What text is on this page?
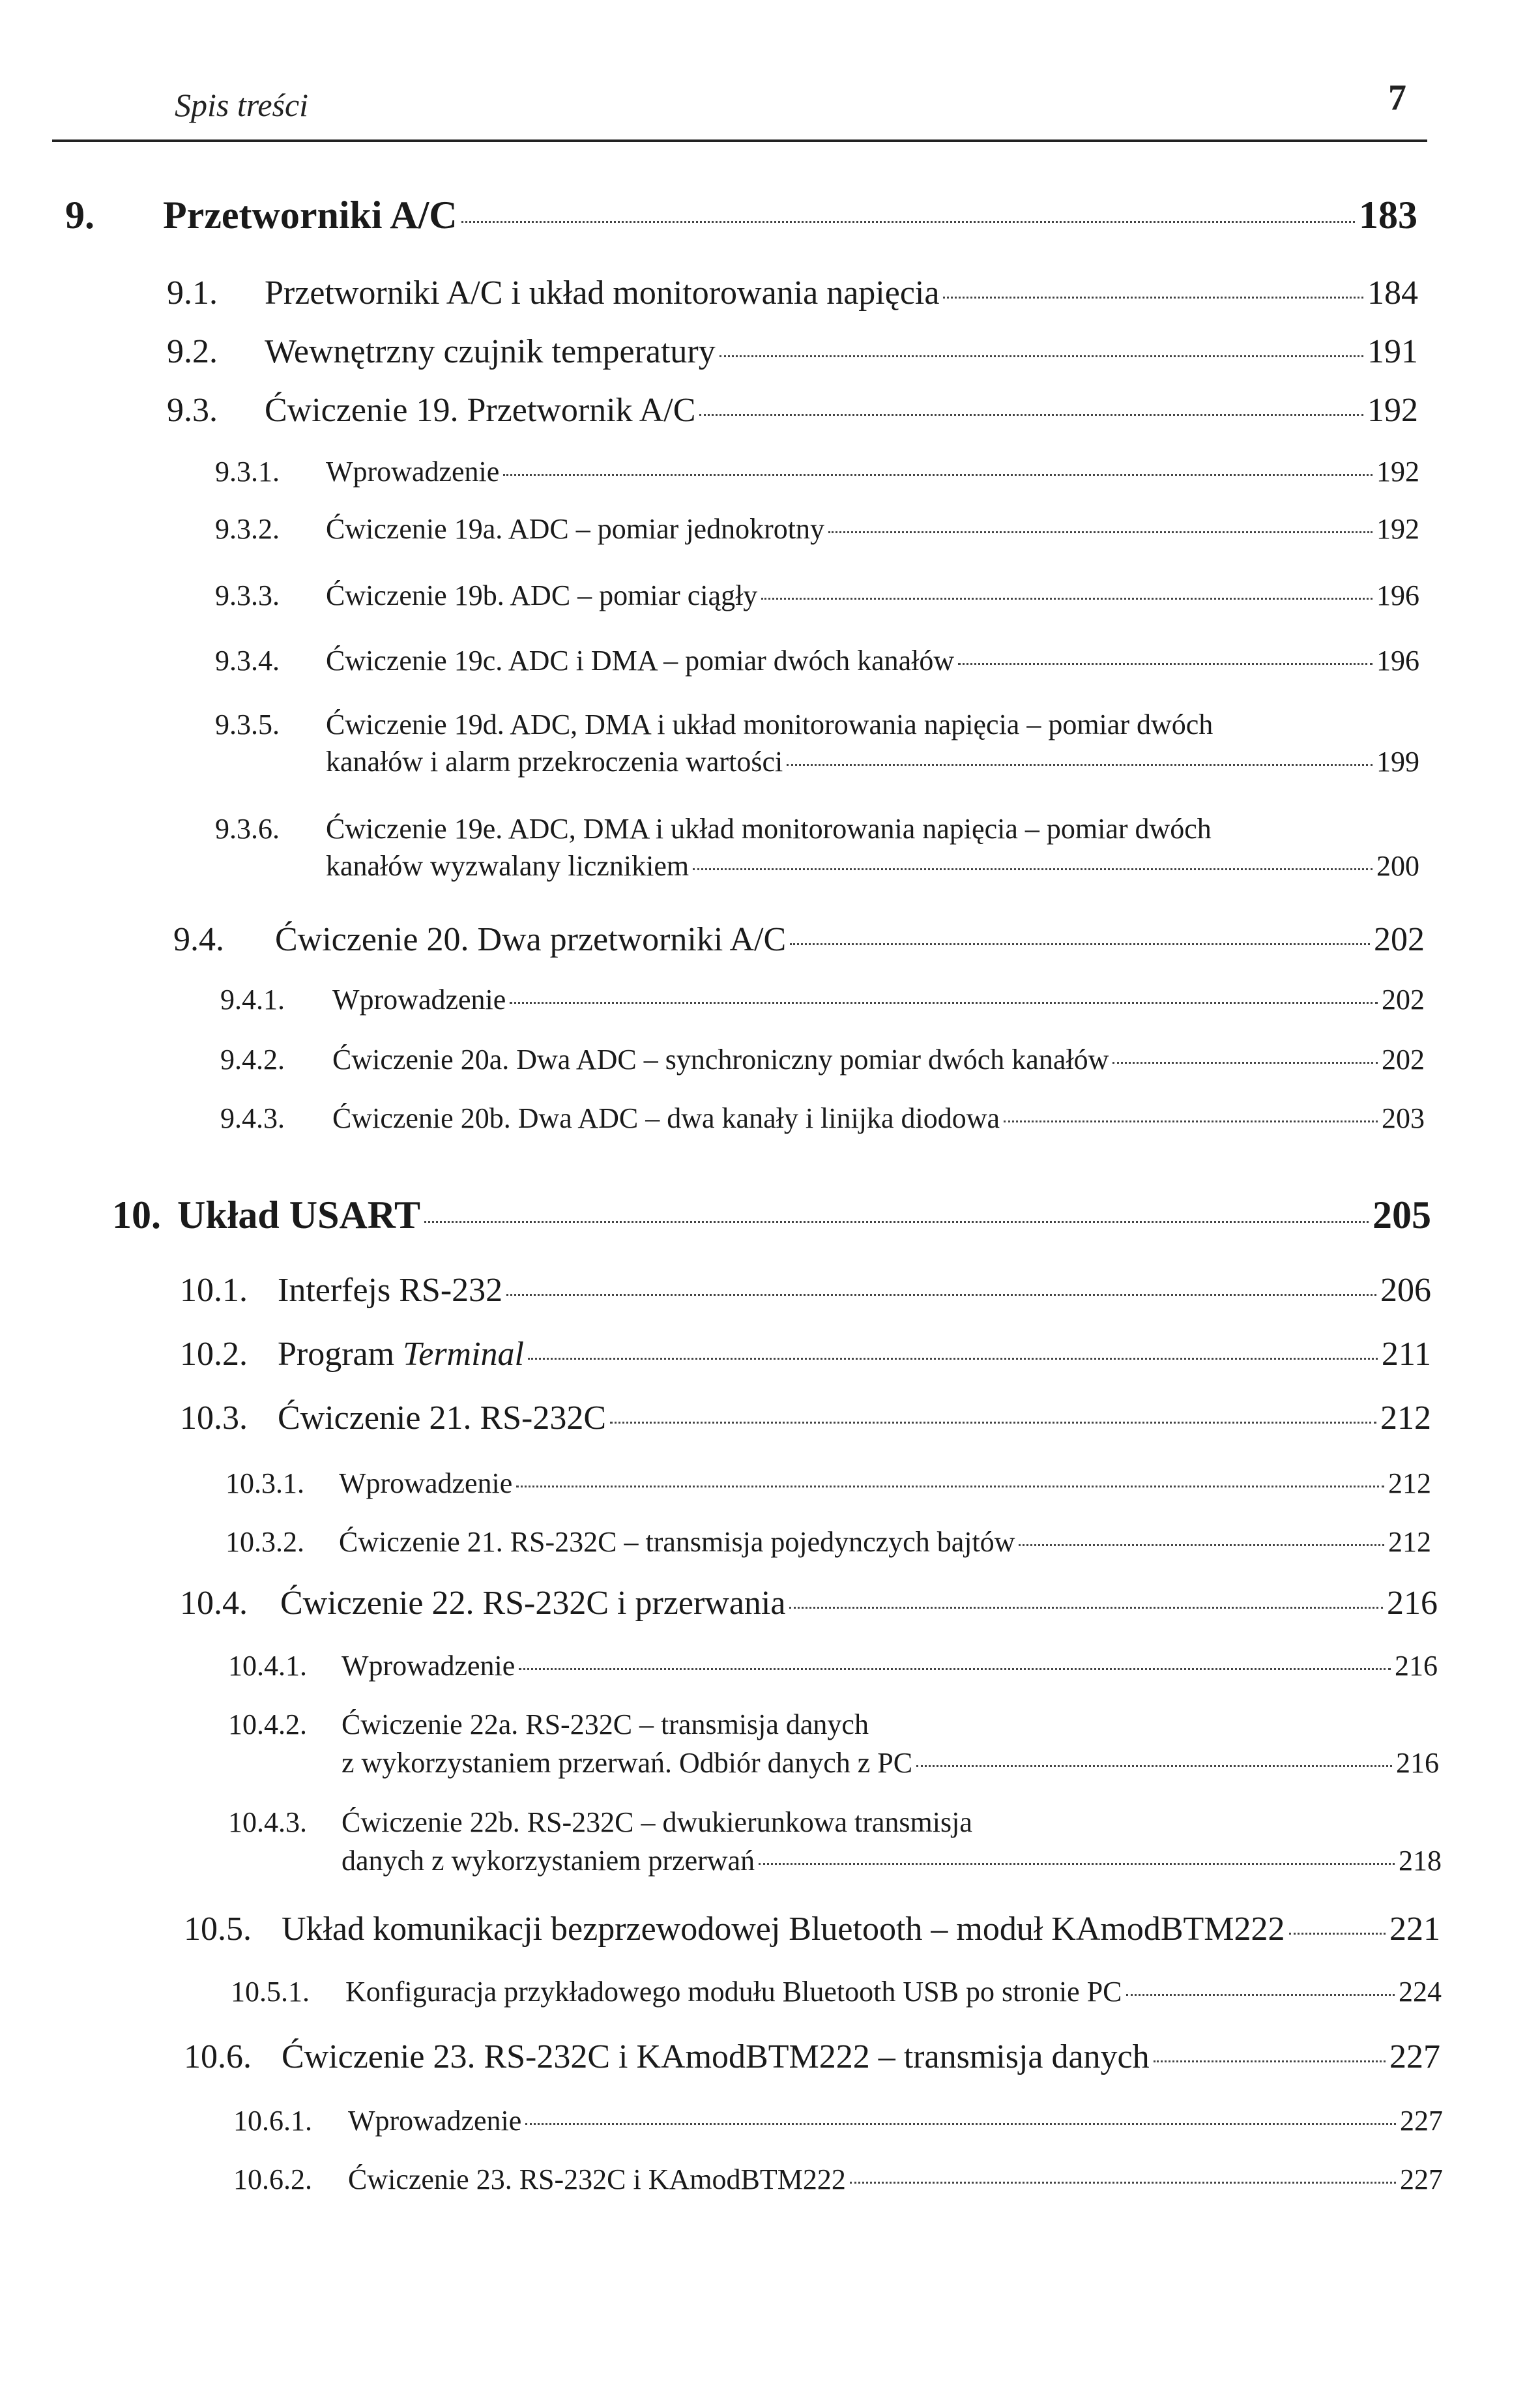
Spis treści	7
9.	Przetworniki A/C	183
9.1.	Przetworniki A/C i układ monitorowania napięcia	184
9.2.	Wewnętrzny czujnik temperatury	191
9.3.	Ćwiczenie 19. Przetwornik A/C	192
9.3.1.	Wprowadzenie	192
9.3.2.	Ćwiczenie 19a. ADC – pomiar jednokrotny	192
9.3.3.	Ćwiczenie 19b. ADC – pomiar ciągły	196
9.3.4.	Ćwiczenie 19c. ADC i DMA – pomiar dwóch kanałów	196
9.3.5.	Ćwiczenie 19d. ADC, DMA i układ monitorowania napięcia – pomiar dwóch
kanałów i alarm przekroczenia wartości	199
9.3.6.	Ćwiczenie 19e. ADC, DMA i układ monitorowania napięcia – pomiar dwóch
kanałów wyzwalany licznikiem	200
9.4.	Ćwiczenie 20. Dwa przetworniki A/C	202
9.4.1.	Wprowadzenie	202
9.4.2.	Ćwiczenie 20a. Dwa ADC – synchroniczny pomiar dwóch kanałów	202
9.4.3.	Ćwiczenie 20b. Dwa ADC – dwa kanały i linijka diodowa	203
10. Układ USART	205
10.1. Interfejs RS-232	206
10.2. Program Terminal	211
10.3. Ćwiczenie 21. RS-232C	212
10.3.1.	Wprowadzenie	212
10.3.2.	Ćwiczenie 21. RS-232C – transmisja pojedynczych bajtów	212
10.4. Ćwiczenie 22. RS-232C i przerwania	216
10.4.1.	Wprowadzenie	216
10.4.2.	Ćwiczenie 22a. RS-232C – transmisja danych
z wykorzystaniem przerwań. Odbiór danych z PC	216
10.4.3.	Ćwiczenie 22b. RS-232C – dwukierunkowa transmisja
danych z wykorzystaniem przerwań	218
10.5. Układ komunikacji bezprzewodowej Bluetooth – moduł KAmodBTM222	221
10.5.1.	Konfiguracja przykładowego modułu Bluetooth USB po stronie PC	224
10.6. Ćwiczenie 23. RS-232C i KAmodBTM222 – transmisja danych	227
10.6.1.	Wprowadzenie	227
10.6.2.	Ćwiczenie 23. RS-232C i KAmodBTM222	227
